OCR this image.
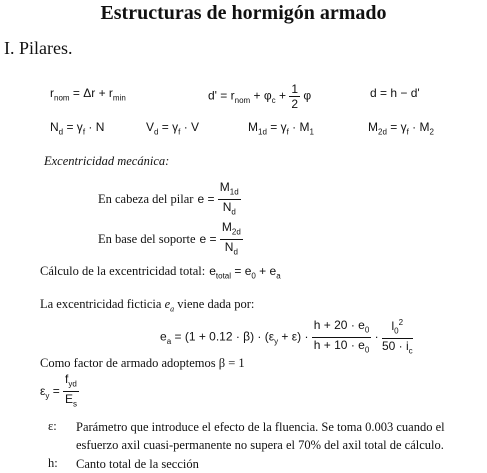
Estructuras de hormigón armado
I. Pilares.
$r_{nom} = \Delta r + r_{min}$	$d' = r_{nom} + \varphi_c + \frac{1}{2}$ φ	d = h − d'
$N_d = \gamma_f \cdot N$	$V_d = \gamma_f \cdot V$	$M_{1d} = \gamma_f \cdot M_1$	$M_{2d} = \gamma_f \cdot M_2$
Excentricidad mecánica:
En cabeza del pilar $e = \frac{M_{1d}}{N_d}$
En base del soporte $e = \frac{M_{2d}}{N_d}$
Cálculo de la excentricidad total: $e_{total} = e_0 + e_a$
La excentricidad ficticia $e_a$ viene dada por:
$e_a = (1 + 0.12 \cdot \beta) \cdot (\varepsilon_y + \varepsilon) \cdot \frac{h + 20 \cdot e_0}{h + 10 \cdot e_0} \cdot \frac{l_0^2}{50 \cdot i_c}$
Como factor de armado adoptemos β = 1
$\varepsilon_y = \frac{f_{yd}}{E_s}$
ε: Parámetro que introduce el efecto de la fluencia. Se toma 0.003 cuando el esfuerzo axil cuasi-permanente no supera el 70% del axil total de cálculo.
h: Canto total de la sección
